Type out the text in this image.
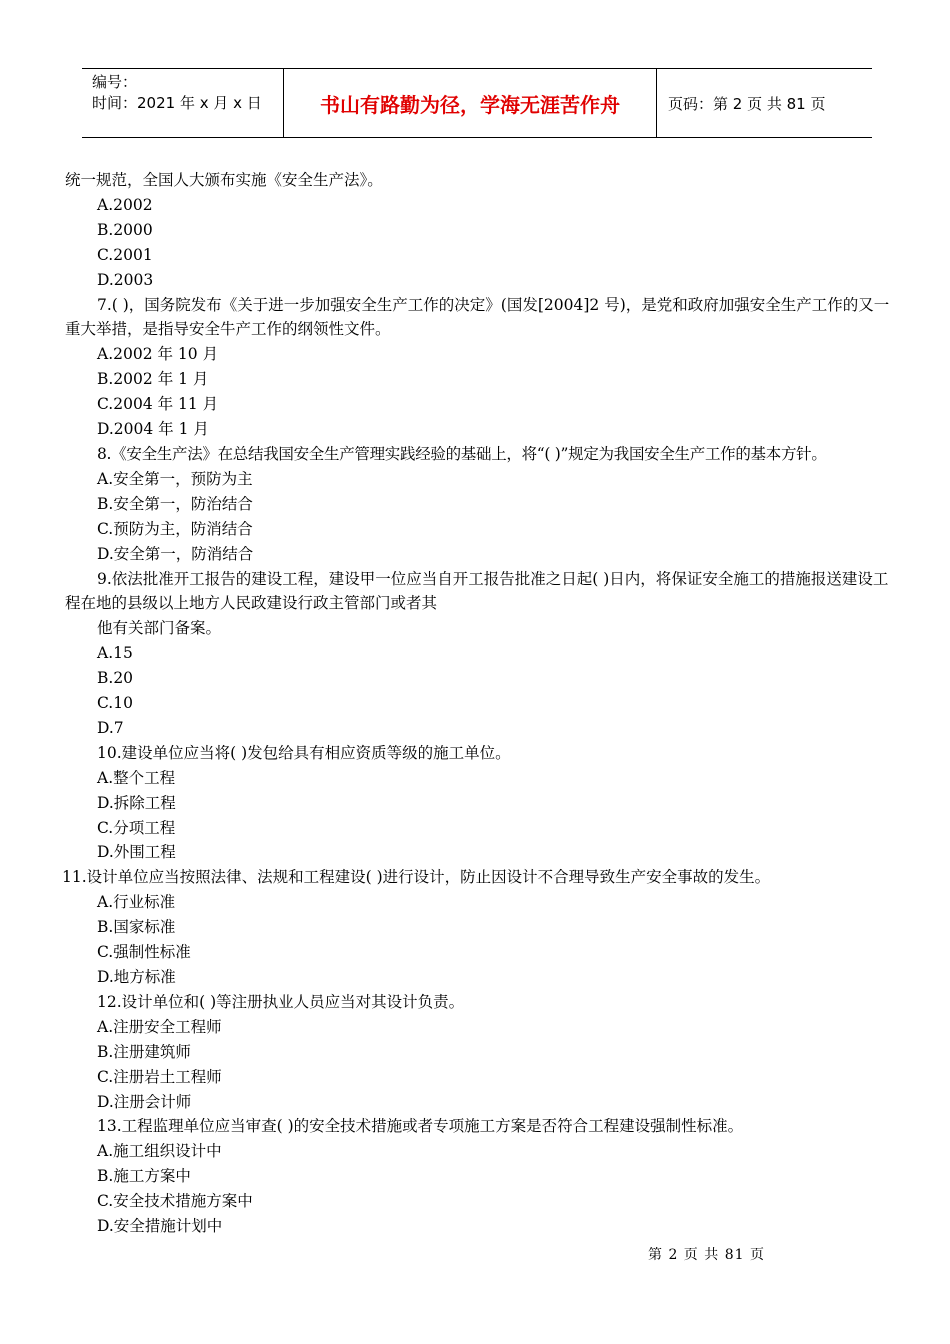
编号：
时间：2021 年 x 月 x 日	书山有路勤为径，学海无涯苦作舟	页码：第 2 页 共 81 页
统一规范，全国人大颁布实施《安全生产法》。
A.2002
B.2000
C.2001
D.2003
7.( )，国务院发布《关于进一步加强安全生产工作的决定》(国发[2004]2 号)，是党和政府加强安全生产工作的又一重大举措，是指导安全牛产工作的纲领性文件。
A.2002 年 10 月
B.2002 年 1 月
C.2004 年 11 月
D.2004 年 1 月
8.《安全生产法》在总结我国安全生产管理实践经验的基础上，将“( )”规定为我国安全生产工作的基本方针。
A.安全第一，预防为主
B.安全第一，防治结合
C.预防为主，防消结合
D.安全第一，防消结合
9.依法批准开工报告的建设工程，建设甲一位应当自开工报告批准之日起( )日内，将保证安全施工的措施报送建设工程在地的县级以上地方人民政建设行政主管部门或者其
他有关部门备案。
A.15
B.20
C.10
D.7
10.建设单位应当将( )发包给具有相应资质等级的施工单位。
A.整个工程
D.拆除工程
C.分项工程
D.外围工程
11.设计单位应当按照法律、法规和工程建设( )进行设计，防止因设计不合理导致生产安全事故的发生。
A.行业标准
B.国家标准
C.强制性标准
D.地方标准
12.设计单位和( )等注册执业人员应当对其设计负责。
A.注册安全工程师
B.注册建筑师
C.注册岩土工程师
D.注册会计师
13.工程监理单位应当审查( )的安全技术措施或者专项施工方案是否符合工程建设强制性标准。
A.施工组织设计中
B.施工方案中
C.安全技术措施方案中
D.安全措施计划中
第 2 页 共 81 页
